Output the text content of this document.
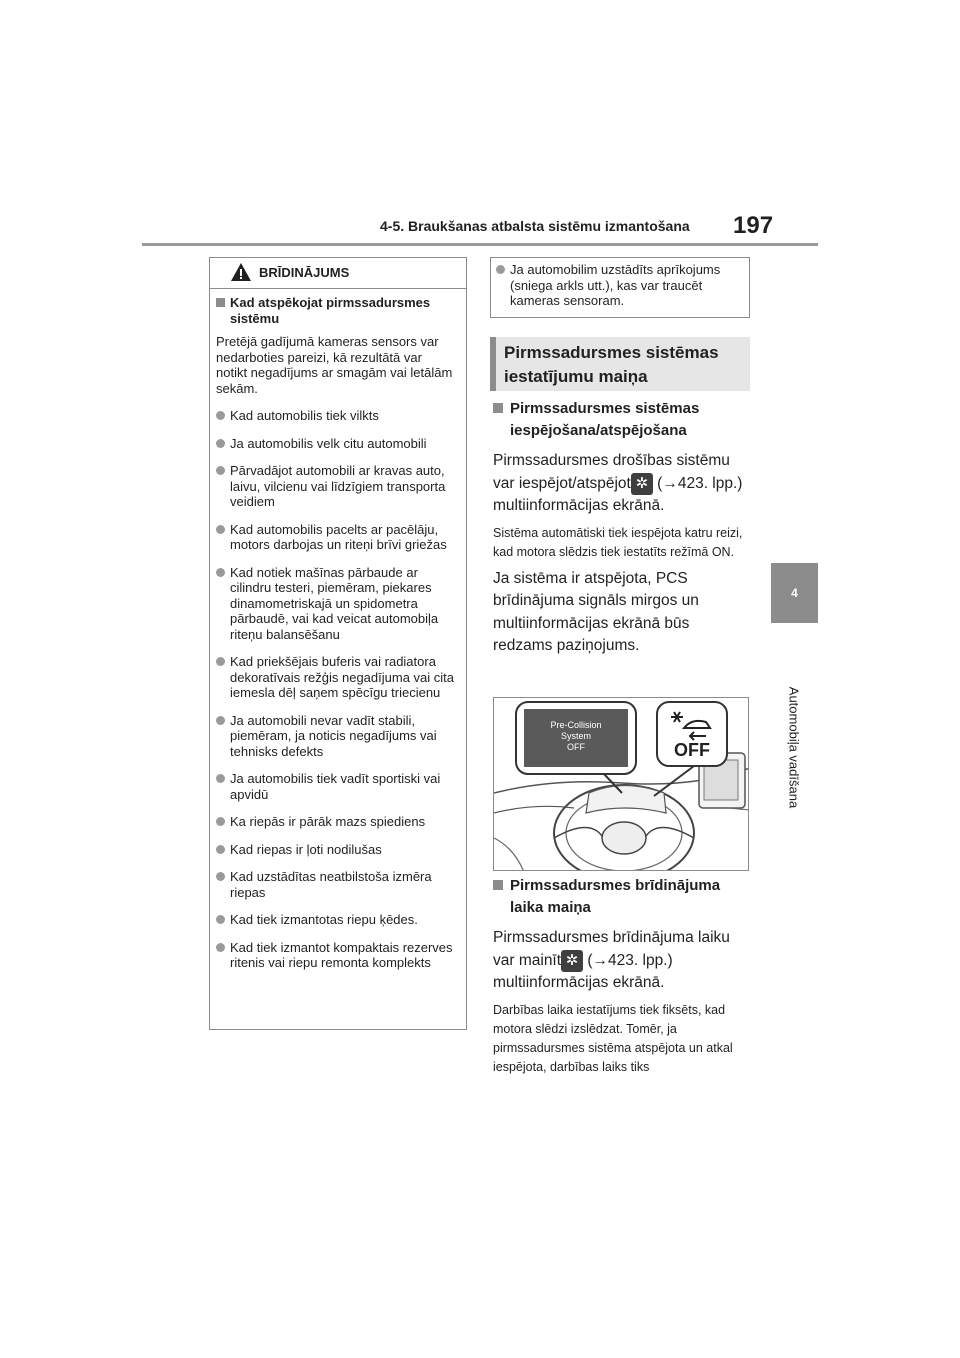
4-5. Braukšanas atbalsta sistēmu izmantošana 197
4
Automobiļa vadīšana
BRĪDINĀJUMS
Kad atspēkojat pirmssadursmes sistēmu
Pretējā gadījumā kameras sensors var nedarboties pareizi, kā rezultātā var notikt negadījums ar smagām vai letālām sekām.
Kad automobilis tiek vilkts
Ja automobilis velk citu automobili
Pārvadājot automobili ar kravas auto, laivu, vilcienu vai līdzīgiem transporta veidiem
Kad automobilis pacelts ar pacēlāju, motors darbojas un riteņi brīvi griežas
Kad notiek mašīnas pārbaude ar cilindru testeri, piemēram, piekares dinamometriskajā un spidometra pārbaudē, vai kad veicat automobiļa riteņu balansēšanu
Kad priekšējais buferis vai radiatora dekoratīvais režģis negadījuma vai cita iemesla dēļ saņem spēcīgu triecienu
Ja automobili nevar vadīt stabili, piemēram, ja noticis negadījums vai tehnisks defekts
Ja automobilis tiek vadīt sportiski vai apvidū
Ka riepās ir pārāk mazs spiediens
Kad riepas ir ļoti nodilušas
Kad uzstādītas neatbilstoša izmēra riepas
Kad tiek izmantotas riepu ķēdes.
Kad tiek izmantot kompaktais rezerves ritenis vai riepu remonta komplekts
Ja automobilim uzstādīts aprīkojums (sniega arkls utt.), kas var traucēt kameras sensoram.
Pirmssadursmes sistēmas iestatījumu maiņa
Pirmssadursmes sistēmas iespējošana/atspējošana
Pirmssadursmes drošības sistēmu var iespējot/atspējot ✲ (→423. lpp.) multiinformācijas ekrānā.
Sistēma automātiski tiek iespējota katru reizi, kad motora slēdzis tiek iestatīts režīmā ON.
Ja sistēma ir atspējota, PCS brīdinājuma signāls mirgos un multiinformācijas ekrānā būs redzams paziņojums.
Pre-Collision
System
OFF	OFF
Pirmssadursmes brīdinājuma laika maiņa
Pirmssadursmes brīdinājuma laiku var mainīt ✲ (→423. lpp.) multiinformācijas ekrānā.
Darbības laika iestatījums tiek fiksēts, kad motora slēdzi izslēdzat. Tomēr, ja pirmssadursmes sistēma atspējota un atkal iespējota, darbības laiks tiks
